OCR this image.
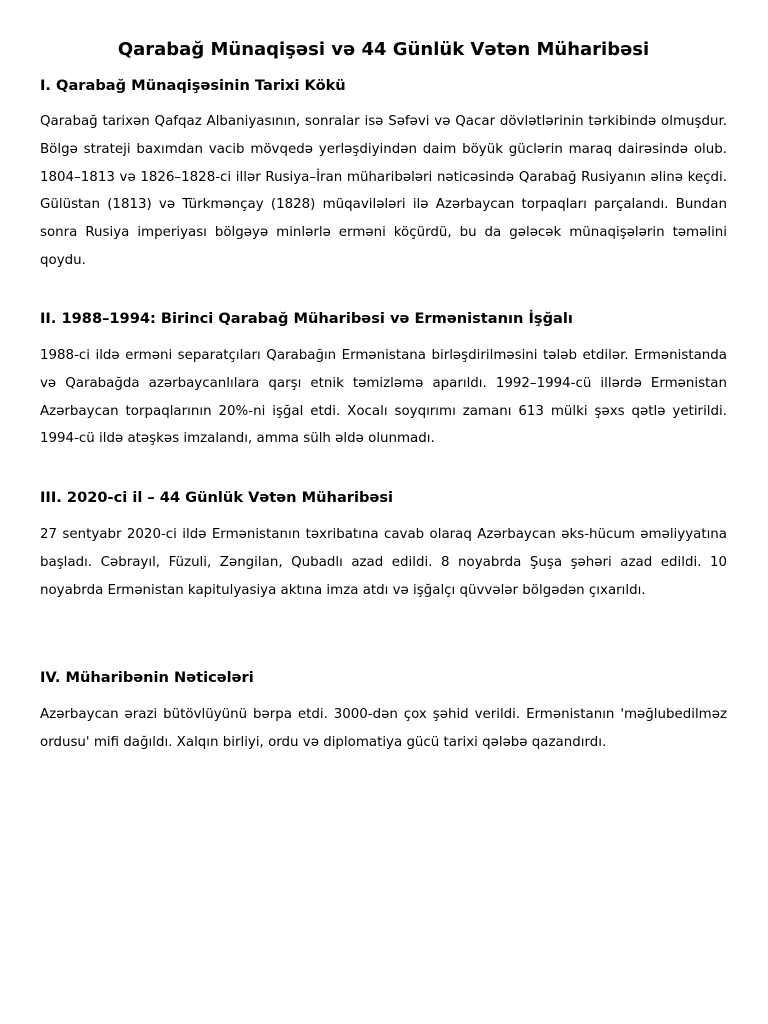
Qarabağ Münaqişəsi və 44 Günlük Vətən Müharibəsi
I. Qarabağ Münaqişəsinin Tarixi Kökü

Qarabağ tarixən Qafqaz Albaniyasının, sonralar isə Səfəvi və Qacar dövlətlərinin tərkibində olmuşdur. Bölgə strateji baxımdan vacib mövqedə yerləşdiyindən daim böyük güclərin maraq dairəsində olub. 1804–1813 və 1826–1828-ci illər Rusiya–İran müharibələri nəticəsində Qarabağ Rusiyanın əlinə keçdi. Gülüstan (1813) və Türkmənçay (1828) müqavilələri ilə Azərbaycan torpaqları parçalandı. Bundan sonra Rusiya imperiyası bölgəyə minlərlə erməni köçürdü, bu da gələcək münaqişələrin təməlini qoydu.

II. 1988–1994: Birinci Qarabağ Müharibəsi və Ermənistanın İşğalı

1988-ci ildə erməni separatçıları Qarabağın Ermənistana birləşdirilməsini tələb etdilər. Ermənistanda və Qarabağda azərbaycanlılara qarşı etnik təmizləmə aparıldı. 1992–1994-cü illərdə Ermənistan Azərbaycan torpaqlarının 20%-ni işğal etdi. Xocalı soyqırımı zamanı 613 mülki şəxs qətlə yetirildi. 1994-cü ildə atəşkəs imzalandı, amma sülh əldə olunmadı.

III. 2020-ci il – 44 Günlük Vətən Müharibəsi

27 sentyabr 2020-ci ildə Ermənistanın təxribatına cavab olaraq Azərbaycan əks-hücum əməliyyatına başladı. Cəbrayıl, Füzuli, Zəngilan, Qubadlı azad edildi. 8 noyabrda Şuşa şəhəri azad edildi. 10 noyabrda Ermənistan kapitulyasiya aktına imza atdı və işğalçı qüvvələr bölgədən çıxarıldı.

IV. Müharibənin Nəticələri

Azərbaycan ərazi bütövlüyünü bərpa etdi. 3000-dən çox şəhid verildi. Ermənistanın 'məğlubedilməz ordusu' mifi dağıldı. Xalqın birliyi, ordu və diplomatiya gücü tarixi qələbə qazandırdı.
